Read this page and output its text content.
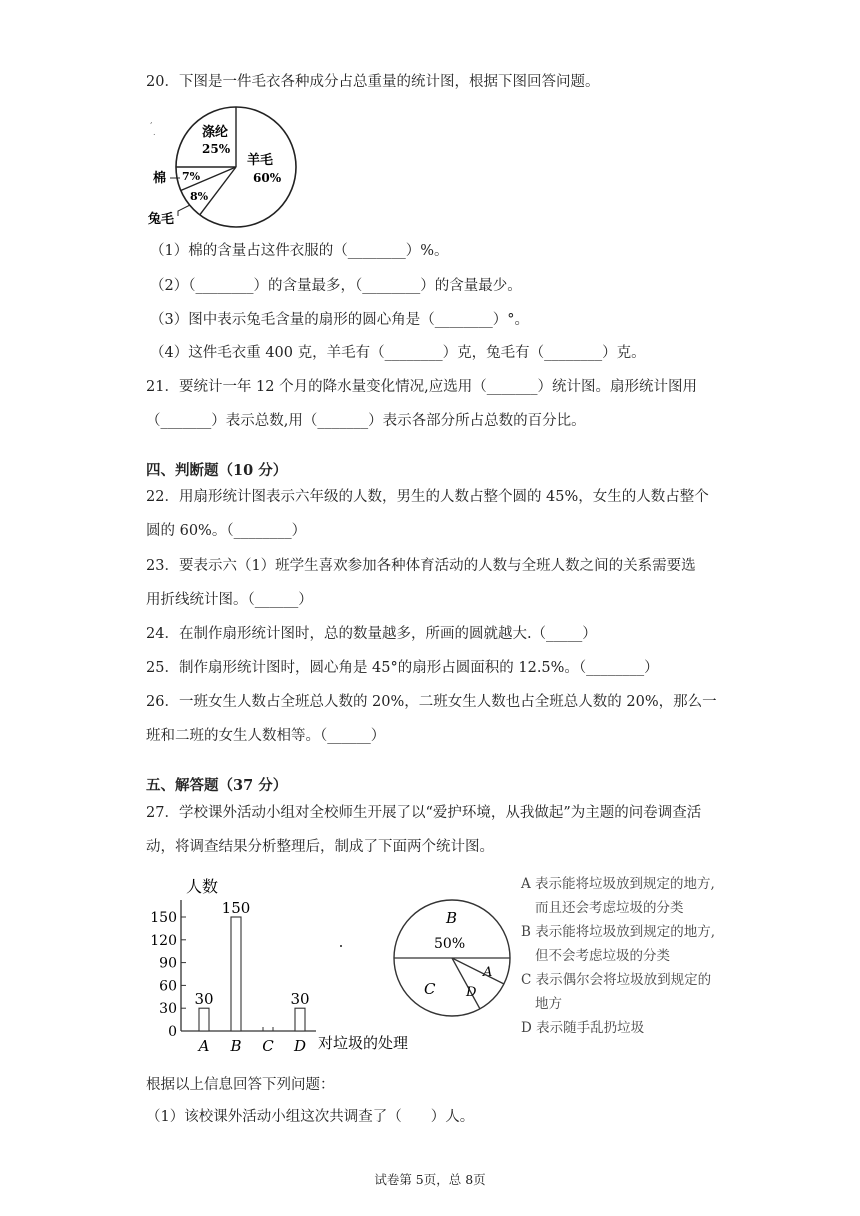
20．下图是一件毛衣各种成分占总重量的统计图，根据下图回答问题。
,
.	涤纶
25%
羊毛
60%
7%
8%
棉
兔毛
（1）棉的含量占这件衣服的（________）%。
（2）（________）的含量最多，（________）的含量最少。
（3）图中表示兔毛含量的扇形的圆心角是（________）°。
（4）这件毛衣重 400 克，羊毛有（________）克，兔毛有（________）克。
21．要统计一年 12 个月的降水量变化情况,应选用（_______）统计图。扇形统计图用
（_______）表示总数,用（_______）表示各部分所占总数的百分比。
四、判断题（10 分）
22．用扇形统计图表示六年级的人数，男生的人数占整个圆的 45%，女生的人数占整个
圆的 60%。（________）
23．要表示六（1）班学生喜欢参加各种体育活动的人数与全班人数之间的关系需要选
用折线统计图。（______）
24．在制作扇形统计图时，总的数量越多，所画的圆就越大.（_____）
25．制作扇形统计图时，圆心角是 45°的扇形占圆面积的 12.5%。（________）
26．一班女生人数占全班总人数的 20%，二班女生人数也占全班总人数的 20%，那么一
班和二班的女生人数相等。（______）
五、解答题（37 分）
27．学校课外活动小组对全校师生开展了以“爱护环境，从我做起”为主题的问卷调查活
动，将调查结果分析整理后，制成了下面两个统计图。
人数
对垃圾的处理
0
30
60
90
120
150
30
A
150
B C
30
D
B
50%
A
D
C
A 表示能将垃圾放到规定的地方,
而且还会考虑垃圾的分类
B 表示能将垃圾放到规定的地方,
但不会考虑垃圾的分类
C 表示偶尔会将垃圾放到规定的
地方
D 表示随手乱扔垃圾
根据以上信息回答下列问题：
（1）该校课外活动小组这次共调查了（　　）人。
试卷第 5页，总 8页
